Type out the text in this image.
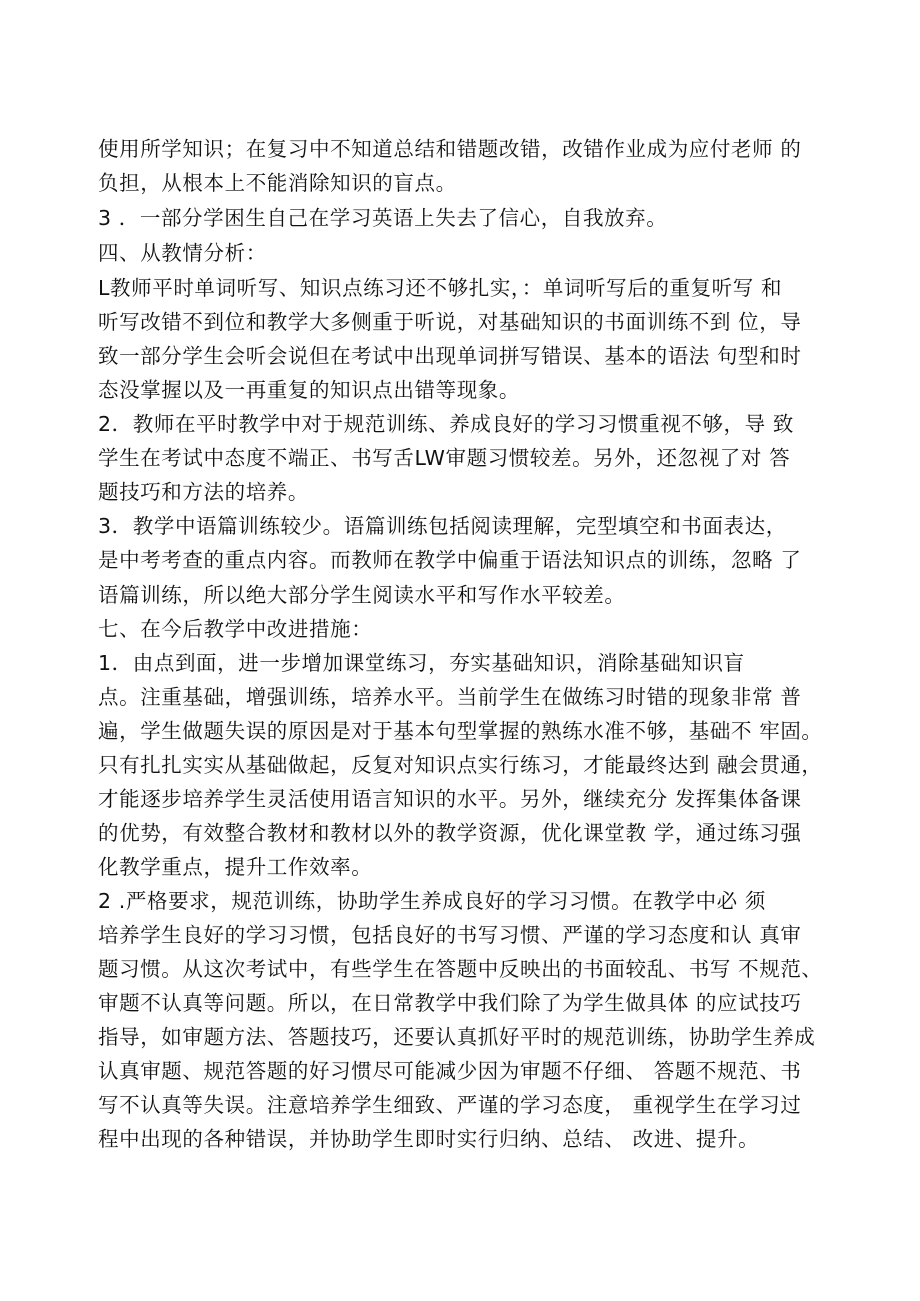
使用所学知识；在复习中不知道总结和错题改错，改错作业成为应付老师 的
负担，从根本上不能消除知识的盲点。
3 ．一部分学困生自己在学习英语上失去了信心，自我放弃。
四、从教情分析：
L教师平时单词听写、知识点练习还不够扎实，：单词听写后的重复听写 和
听写改错不到位和教学大多侧重于听说，对基础知识的书面训练不到 位，导
致一部分学生会听会说但在考试中出现单词拼写错误、基本的语法 句型和时
态没掌握以及一再重复的知识点出错等现象。
2．教师在平时教学中对于规范训练、养成良好的学习习惯重视不够，导 致
学生在考试中态度不端正、书写舌LW审题习惯较差。另外，还忽视了对 答
题技巧和方法的培养。
3．教学中语篇训练较少。语篇训练包括阅读理解，完型填空和书面表达，
是中考考查的重点内容。而教师在教学中偏重于语法知识点的训练，忽略 了
语篇训练，所以绝大部分学生阅读水平和写作水平较差。
七、在今后教学中改进措施：
1．由点到面，进一步增加课堂练习，夯实基础知识，消除基础知识盲
点。注重基础，增强训练，培养水平。当前学生在做练习时错的现象非常 普
遍，学生做题失误的原因是对于基本句型掌握的熟练水准不够，基础不 牢固。
只有扎扎实实从基础做起，反复对知识点实行练习，才能最终达到 融会贯通，
才能逐步培养学生灵活使用语言知识的水平。另外，继续充分 发挥集体备课
的优势，有效整合教材和教材以外的教学资源，优化课堂教 学，通过练习强
化教学重点，提升工作效率。
2 .严格要求，规范训练，协助学生养成良好的学习习惯。在教学中必 须
培养学生良好的学习习惯，包括良好的书写习惯、严谨的学习态度和认 真审
题习惯。从这次考试中，有些学生在答题中反映出的书面较乱、书写 不规范、
审题不认真等问题。所以，在日常教学中我们除了为学生做具体 的应试技巧
指导，如审题方法、答题技巧，还要认真抓好平时的规范训练，协助学生养成
认真审题、规范答题的好习惯尽可能减少因为审题不仔细、 答题不规范、书
写不认真等失误。注意培养学生细致、严谨的学习态度， 重视学生在学习过
程中出现的各种错误，并协助学生即时实行归纳、总结、 改进、提升。
